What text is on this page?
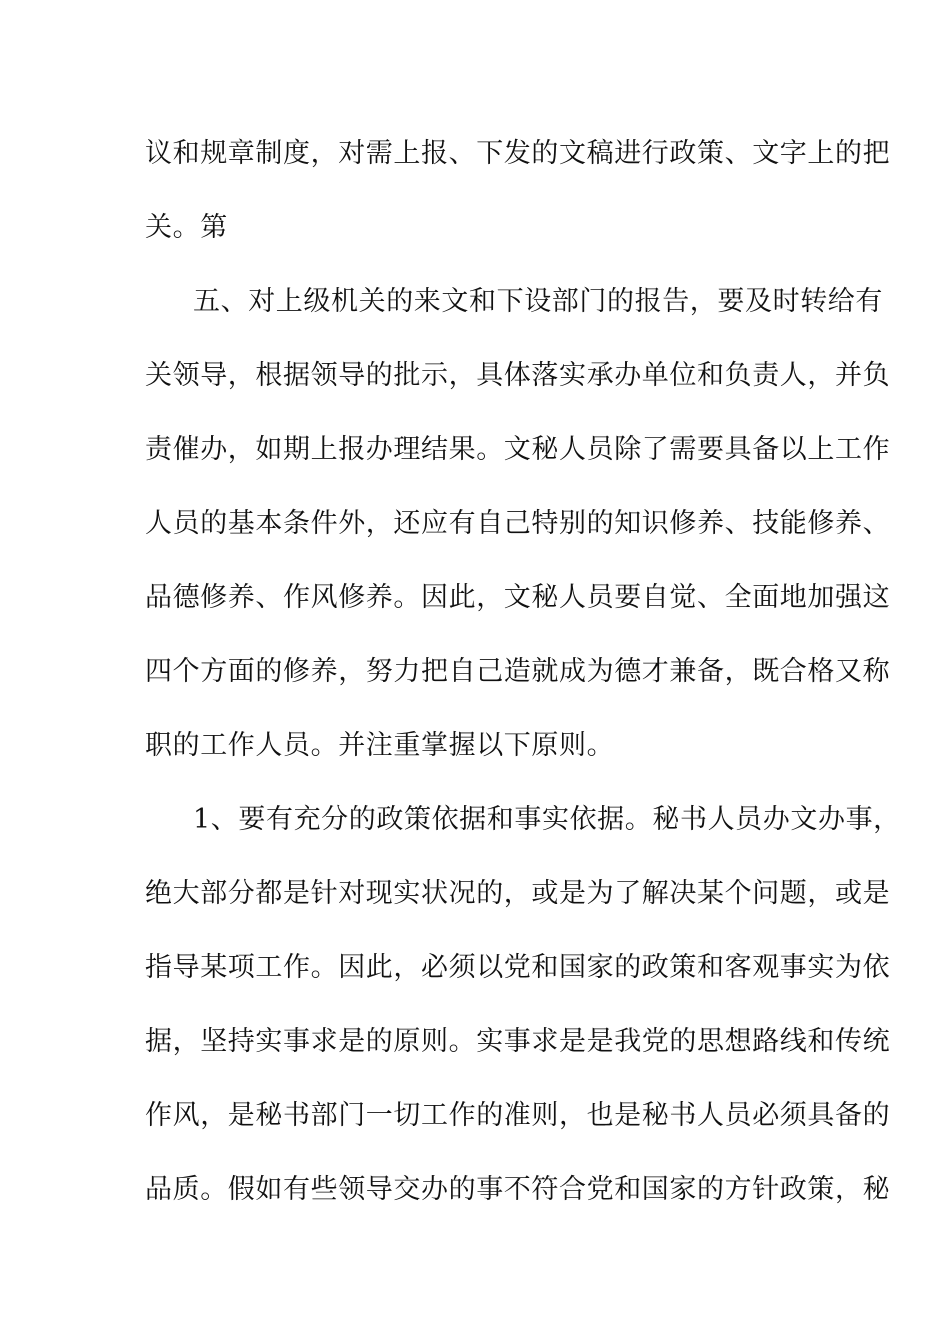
议和规章制度，对需上报、下发的文稿进行政策、文字上的把
关。第
五、对上级机关的来文和下设部门的报告，要及时转给有
关领导，根据领导的批示，具体落实承办单位和负责人，并负
责催办，如期上报办理结果。文秘人员除了需要具备以上工作
人员的基本条件外，还应有自己特别的知识修养、技能修养、
品德修养、作风修养。因此，文秘人员要自觉、全面地加强这
四个方面的修养，努力把自己造就成为德才兼备，既合格又称
职的工作人员。并注重掌握以下原则。
1、要有充分的政策依据和事实依据。秘书人员办文办事，
绝大部分都是针对现实状况的，或是为了解决某个问题，或是
指导某项工作。因此，必须以党和国家的政策和客观事实为依
据，坚持实事求是的原则。实事求是是我党的思想路线和传统
作风，是秘书部门一切工作的准则，也是秘书人员必须具备的
品质。假如有些领导交办的事不符合党和国家的方针政策，秘
